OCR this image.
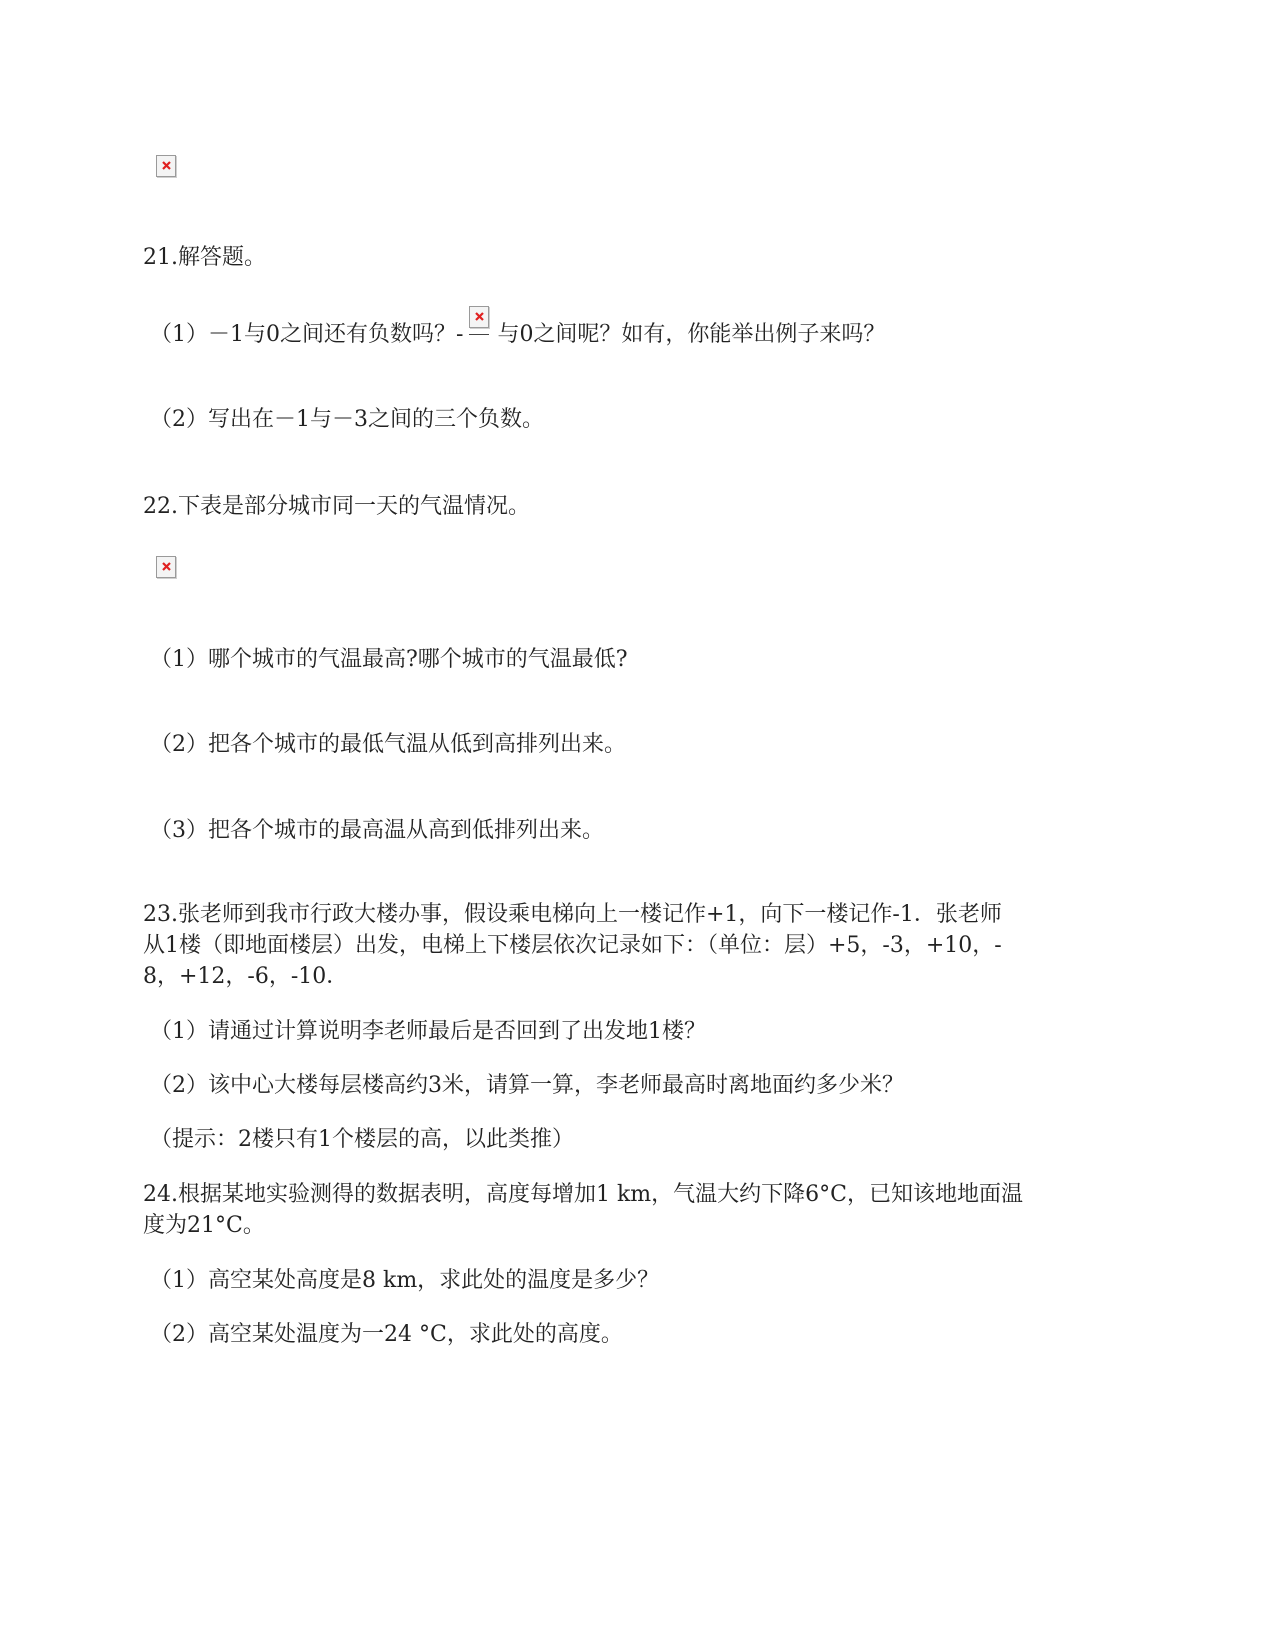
21.解答题。
（1）－1与0之间还有负数吗？- 与0之间呢？如有，你能举出例子来吗？
（2）写出在－1与－3之间的三个负数。
22.下表是部分城市同一天的气温情况。
（1）哪个城市的气温最高?哪个城市的气温最低?
（2）把各个城市的最低气温从低到高排列出来。
（3）把各个城市的最高温从高到低排列出来。
23.张老师到我市行政大楼办事，假设乘电梯向上一楼记作+1，向下一楼记作-1．张老师
从1楼（即地面楼层）出发，电梯上下楼层依次记录如下：（单位：层）+5，-3，+10，-
8，+12，-6，-10．
（1）请通过计算说明李老师最后是否回到了出发地1楼？
（2）该中心大楼每层楼高约3米，请算一算，李老师最高时离地面约多少米？
（提示：2楼只有1个楼层的高，以此类推）
24.根据某地实验测得的数据表明，高度每增加1 km，气温大约下降6°C，已知该地地面温
度为21°C。
（1）高空某处高度是8 km，求此处的温度是多少？
（2）高空某处温度为一24 °C，求此处的高度。
